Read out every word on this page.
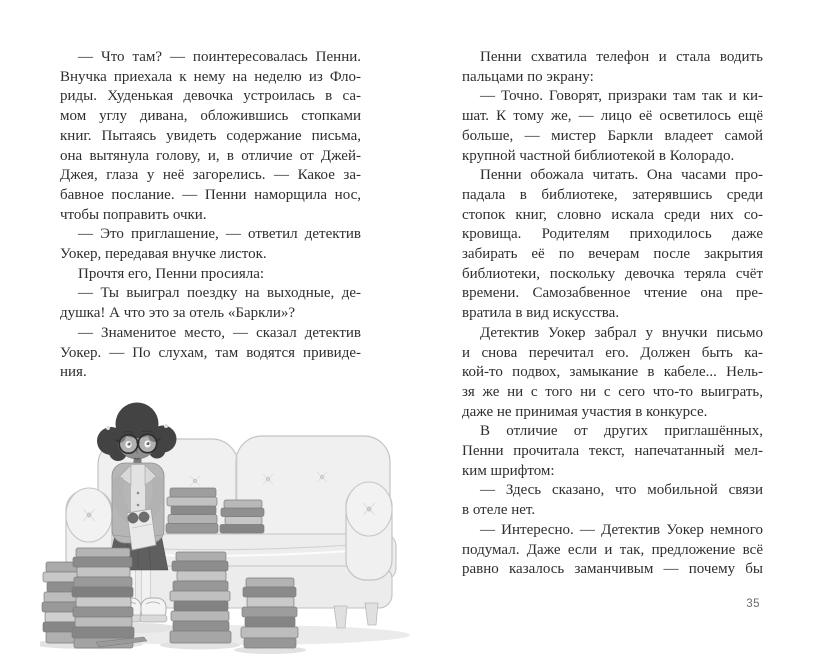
— Что там? — поинтересовалась Пенни.
Внучка приехала к нему на неделю из Фло-
риды. Худенькая девочка устроилась в са-
мом углу дивана, обложившись стопками
книг. Пытаясь увидеть содержание письма,
она вытянула голову, и, в отличие от Джей-
Джея, глаза у неё загорелись. — Какое за-
бавное послание. — Пенни наморщила нос,
чтобы поправить очки.
— Это приглашение, — ответил детектив
Уокер, передавая внучке листок.
Прочтя его, Пенни просияла:
— Ты выиграл поездку на выходные, де-
душка! А что это за отель «Баркли»?
— Знаменитое место, — сказал детектив
Уокер. — По слухам, там водятся привиде-
ния.
Пенни схватила телефон и стала водить
пальцами по экрану:
— Точно. Говорят, призраки там так и ки-
шат. К тому же, — лицо её осветилось ещё
больше, — мистер Баркли владеет самой
крупной частной библиотекой в Колорадо.
Пенни обожала читать. Она часами про-
падала в библиотеке, затерявшись среди
стопок книг, словно искала среди них со-
кровища. Родителям приходилось даже
забирать её по вечерам после закрытия
библиотеки, поскольку девочка теряла счёт
времени. Самозабвенное чтение она пре-
вратила в вид искусства.
Детектив Уокер забрал у внучки письмо
и снова перечитал его. Должен быть ка-
кой-то подвох, замыкание в кабеле... Нель-
зя же ни с того ни с сего что-то выиграть,
даже не принимая участия в конкурсе.
В отличие от других приглашённых,
Пенни прочитала текст, напечатанный мел-
ким шрифтом:
— Здесь сказано, что мобильной связи
в отеле нет.
— Интересно. — Детектив Уокер немного
подумал. Даже если и так, предложение всё
равно казалось заманчивым — почему бы
35
